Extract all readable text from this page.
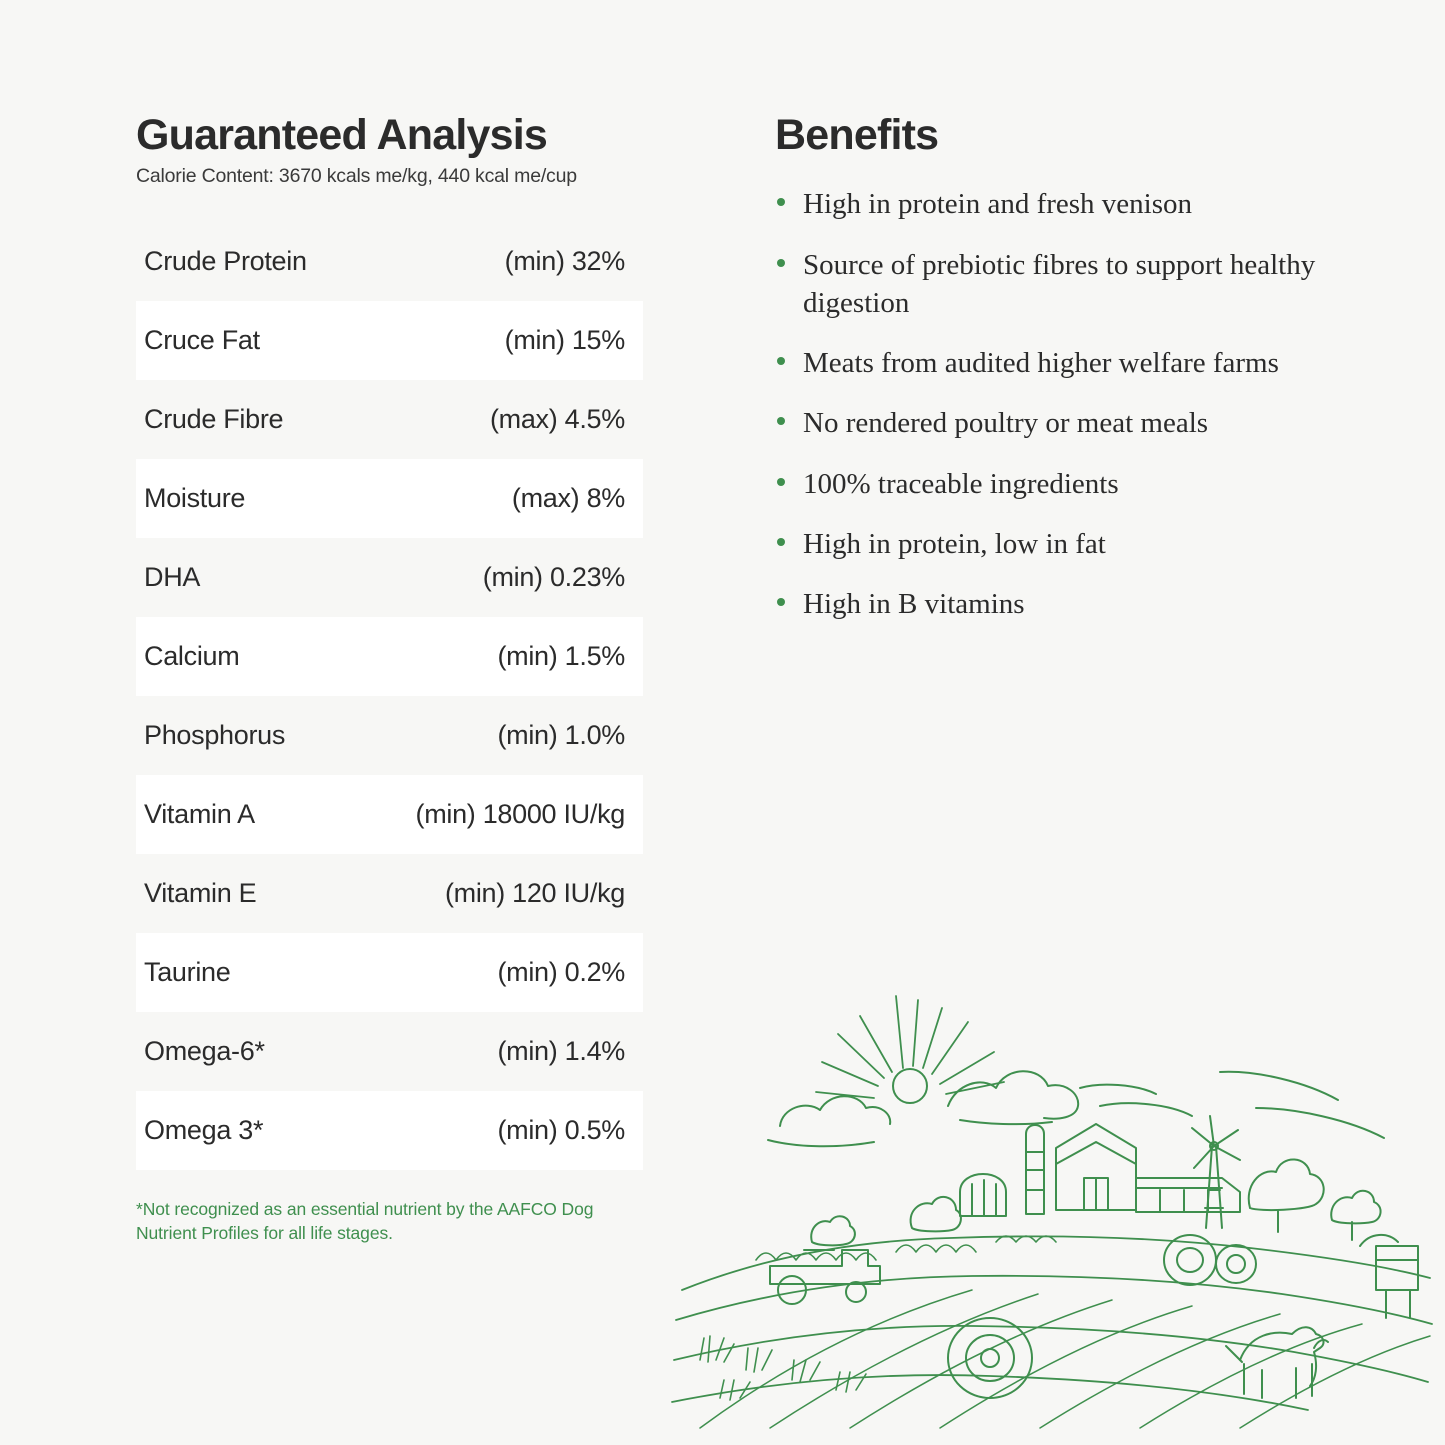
Guaranteed Analysis

Calorie Content: 3670 kcals me/kg, 440 kcal me/cup

Crude Protein	(min) 32%
Cruce Fat	(min) 15%
Crude Fibre	(max) 4.5%
Moisture	(max) 8%
DHA	(min) 0.23%
Calcium	(min) 1.5%
Phosphorus	(min) 1.0%
Vitamin A	(min) 18000 IU/kg
Vitamin E	(min) 120 IU/kg
Taurine	(min) 0.2%
Omega-6*	(min) 1.4%
Omega 3*	(min) 0.5%
*Not recognized as an essential nutrient by the AAFCO Dog Nutrient Profiles for all life stages.
Benefits
High in protein and fresh venison
Source of prebiotic fibres to support healthy digestion
Meats from audited higher welfare farms
No rendered poultry or meat meals
100% traceable ingredients
High in protein, low in fat
High in B vitamins
